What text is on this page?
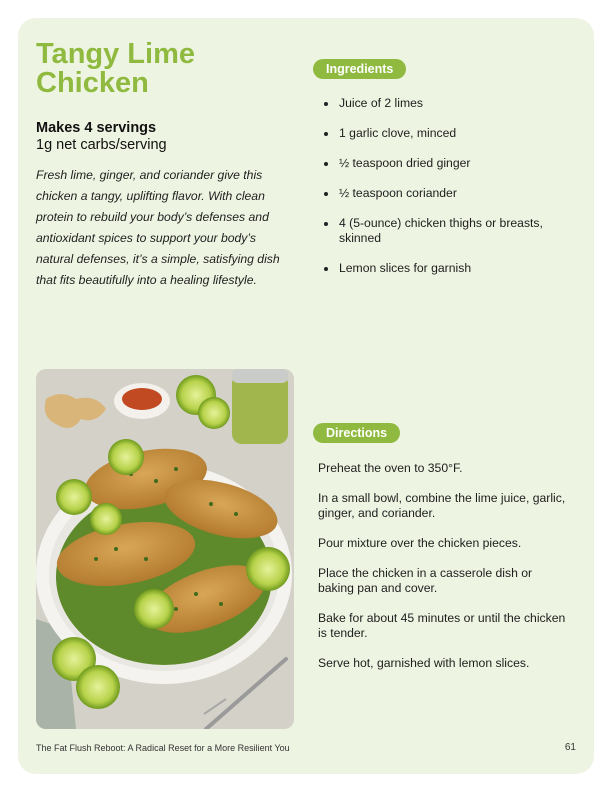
Tangy Lime Chicken

Makes 4 servings

1g net carbs/serving

Fresh lime, ginger, and coriander give this chicken a tangy, uplifting flavor. With clean protein to rebuild your body’s defenses and antioxidant spices to support your body’s natural defenses, it’s a simple, satisfying dish that fits beautifully into a healing lifestyle.

Ingredients
Juice of 2 limes
1 garlic clove, minced
½ teaspoon dried ginger
½ teaspoon coriander
4 (5-ounce) chicken thighs or breasts, skinned
Lemon slices for garnish
Directions
Preheat the oven to 350°F.
In a small bowl, combine the lime juice, garlic, ginger, and coriander.
Pour mixture over the chicken pieces.
Place the chicken in a casserole dish or baking pan and cover.
Bake for about 45 minutes or until the chicken is tender.
Serve hot, garnished with lemon slices.
The Fat Flush Reboot: A Radical Reset for a More Resilient You	61
